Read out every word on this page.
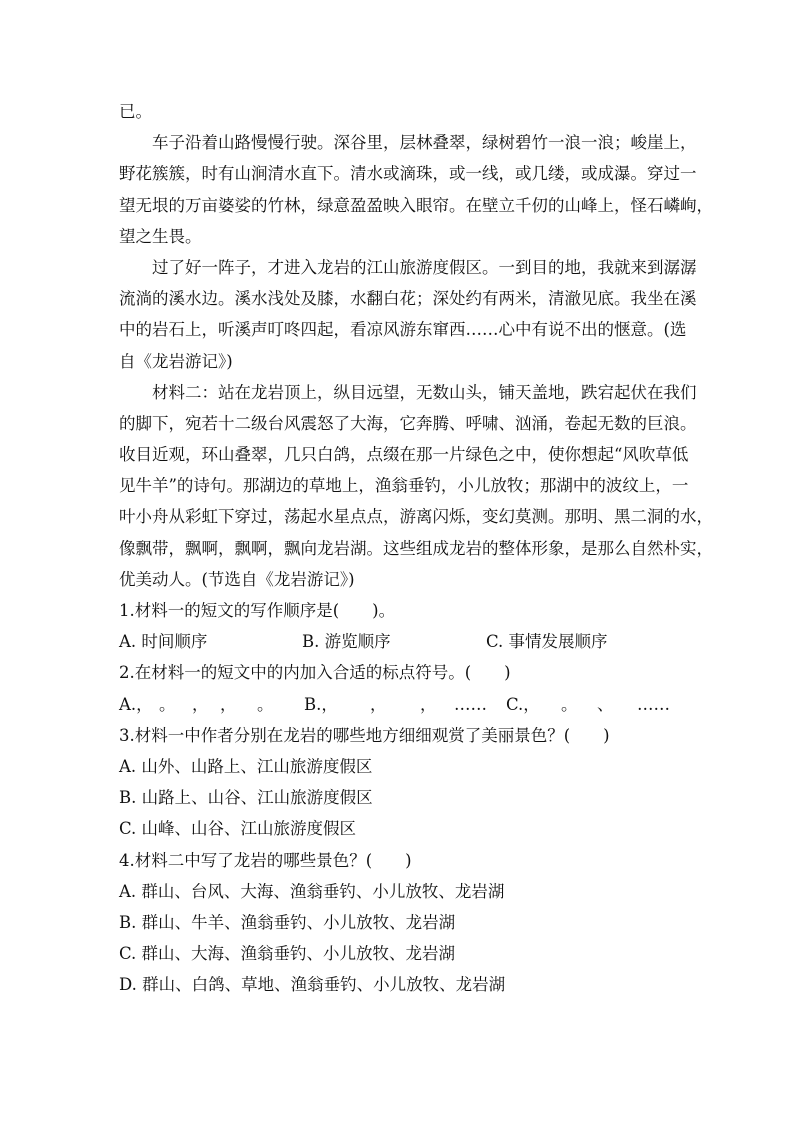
已。
车子沿着山路慢慢行驶。深谷里，层林叠翠，绿树碧竹一浪一浪；峻崖上，
野花簇簇，时有山涧清水直下。清水或滴珠，或一线，或几缕，或成瀑。穿过一
望无垠的万亩婆娑的竹林，绿意盈盈映入眼帘。在壁立千仞的山峰上，怪石嶙峋，
望之生畏。
过了好一阵子，才进入龙岩的江山旅游度假区。一到目的地，我就来到潺潺
流淌的溪水边。溪水浅处及膝，水翻白花；深处约有两米，清澈见底。我坐在溪
中的岩石上，听溪声叮咚四起，看凉风游东窜西……心中有说不出的惬意。(选
自《龙岩游记》)
材料二：站在龙岩顶上，纵目远望，无数山头，铺天盖地，跌宕起伏在我们
的脚下，宛若十二级台风震怒了大海，它奔腾、呼啸、汹涌，卷起无数的巨浪。
收目近观，环山叠翠，几只白鸽，点缀在那一片绿色之中，使你想起“风吹草低
见牛羊”的诗句。那湖边的草地上，渔翁垂钓，小儿放牧；那湖中的波纹上，一
叶小舟从彩虹下穿过，荡起水星点点，游离闪烁，变幻莫测。那明、黑二洞的水，
像飘带，飘啊，飘啊，飘向龙岩湖。这些组成龙岩的整体形象，是那么自然朴实，
优美动人。(节选自《龙岩游记》)
1.材料一的短文的写作顺序是(　　)。
A. 时间顺序	B. 游览顺序	C. 事情发展顺序
2.在材料一的短文中的内加入合适的标点符号。(　　)
A.， 。	， ，	。	B.，	，	，	……	C.，	。	、	……
3.材料一中作者分别在龙岩的哪些地方细细观赏了美丽景色？(　　)
A. 山外、山路上、江山旅游度假区
B. 山路上、山谷、江山旅游度假区
C. 山峰、山谷、江山旅游度假区
4.材料二中写了龙岩的哪些景色？(　　)
A. 群山、台风、大海、渔翁垂钓、小儿放牧、龙岩湖
B. 群山、牛羊、渔翁垂钓、小儿放牧、龙岩湖
C. 群山、大海、渔翁垂钓、小儿放牧、龙岩湖
D. 群山、白鸽、草地、渔翁垂钓、小儿放牧、龙岩湖
